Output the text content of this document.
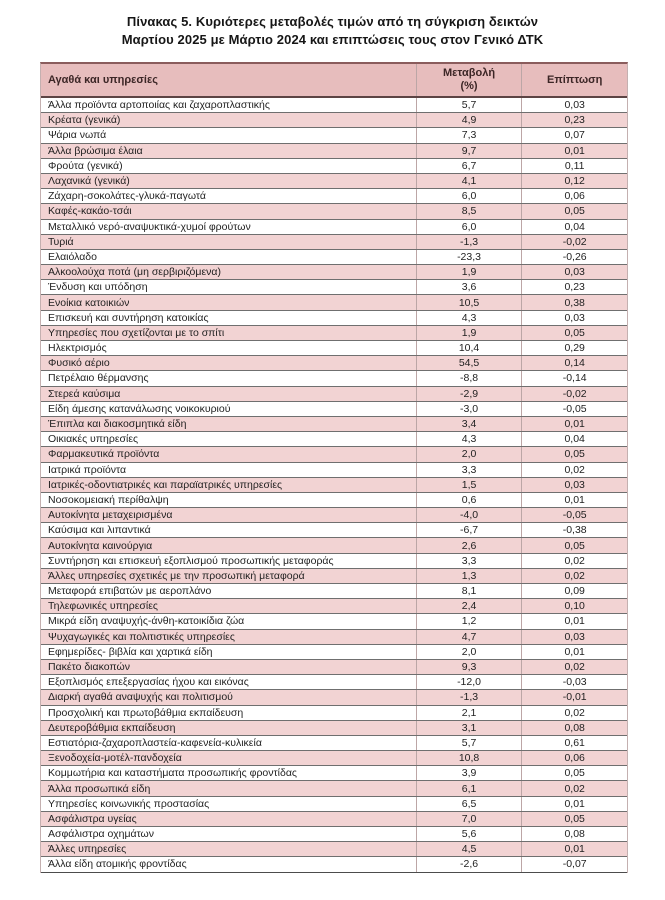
Πίνακας 5. Κυριότερες μεταβολές τιμών από τη σύγκριση δεικτών
Μαρτίου 2025 με Μάρτιο 2024 και επιπτώσεις τους στον Γενικό ΔΤΚ
Αγαθά και υπηρεσίες
Μεταβολή
(%)
Επίπτωση
Άλλα προϊόντα αρτοποιίας και ζαχαροπλαστικής	5,7	0,03
Κρέατα (γενικά)	4,9	0,23
Ψάρια νωπά	7,3	0,07
Άλλα βρώσιμα έλαια	9,7	0,01
Φρούτα (γενικά)	6,7	0,11
Λαχανικά (γενικά)	4,1	0,12
Ζάχαρη-σοκολάτες-γλυκά-παγωτά	6,0	0,06
Καφές-κακάο-τσάι	8,5	0,05
Μεταλλικό νερό-αναψυκτικά-χυμοί φρούτων	6,0	0,04
Τυριά	-1,3	-0,02
Ελαιόλαδο	-23,3	-0,26
Αλκοολούχα ποτά (μη σερβιριζόμενα)	1,9	0,03
Ένδυση και υπόδηση	3,6	0,23
Ενοίκια κατοικιών	10,5	0,38
Επισκευή και συντήρηση κατοικίας	4,3	0,03
Υπηρεσίες που σχετίζονται με το σπίτι	1,9	0,05
Ηλεκτρισμός	10,4	0,29
Φυσικό αέριο	54,5	0,14
Πετρέλαιο θέρμανσης	-8,8	-0,14
Στερεά καύσιμα	-2,9	-0,02
Είδη άμεσης κατανάλωσης νοικοκυριού	-3,0	-0,05
Έπιπλα και διακοσμητικά είδη	3,4	0,01
Οικιακές υπηρεσίες	4,3	0,04
Φαρμακευτικά προϊόντα	2,0	0,05
Ιατρικά προϊόντα	3,3	0,02
Ιατρικές-οδοντιατρικές και παραϊατρικές υπηρεσίες	1,5	0,03
Νοσοκομειακή περίθαλψη	0,6	0,01
Αυτοκίνητα μεταχειρισμένα	-4,0	-0,05
Καύσιμα και λιπαντικά	-6,7	-0,38
Αυτοκίνητα καινούργια	2,6	0,05
Συντήρηση και επισκευή εξοπλισμού προσωπικής μεταφοράς	3,3	0,02
Άλλες υπηρεσίες σχετικές με την προσωπική μεταφορά	1,3	0,02
Μεταφορά επιβατών με αεροπλάνο	8,1	0,09
Τηλεφωνικές υπηρεσίες	2,4	0,10
Μικρά είδη αναψυχής-άνθη-κατοικίδια ζώα	1,2	0,01
Ψυχαγωγικές και πολιτιστικές υπηρεσίες	4,7	0,03
Εφημερίδες- βιβλία και χαρτικά είδη	2,0	0,01
Πακέτο διακοπών	9,3	0,02
Εξοπλισμός επεξεργασίας ήχου και εικόνας	-12,0	-0,03
Διαρκή αγαθά αναψυχής και πολιτισμού	-1,3	-0,01
Προσχολική και πρωτοβάθμια εκπαίδευση	2,1	0,02
Δευτεροβάθμια εκπαίδευση	3,1	0,08
Εστιατόρια-ζαχαροπλαστεία-καφενεία-κυλικεία	5,7	0,61
Ξενοδοχεία-μοτέλ-πανδοχεία	10,8	0,06
Κομμωτήρια και καταστήματα προσωπικής φροντίδας	3,9	0,05
Άλλα προσωπικά είδη	6,1	0,02
Υπηρεσίες κοινωνικής προστασίας	6,5	0,01
Ασφάλιστρα υγείας	7,0	0,05
Ασφάλιστρα οχημάτων	5,6	0,08
Άλλες υπηρεσίες	4,5	0,01
Άλλα είδη ατομικής φροντίδας	-2,6	-0,07
